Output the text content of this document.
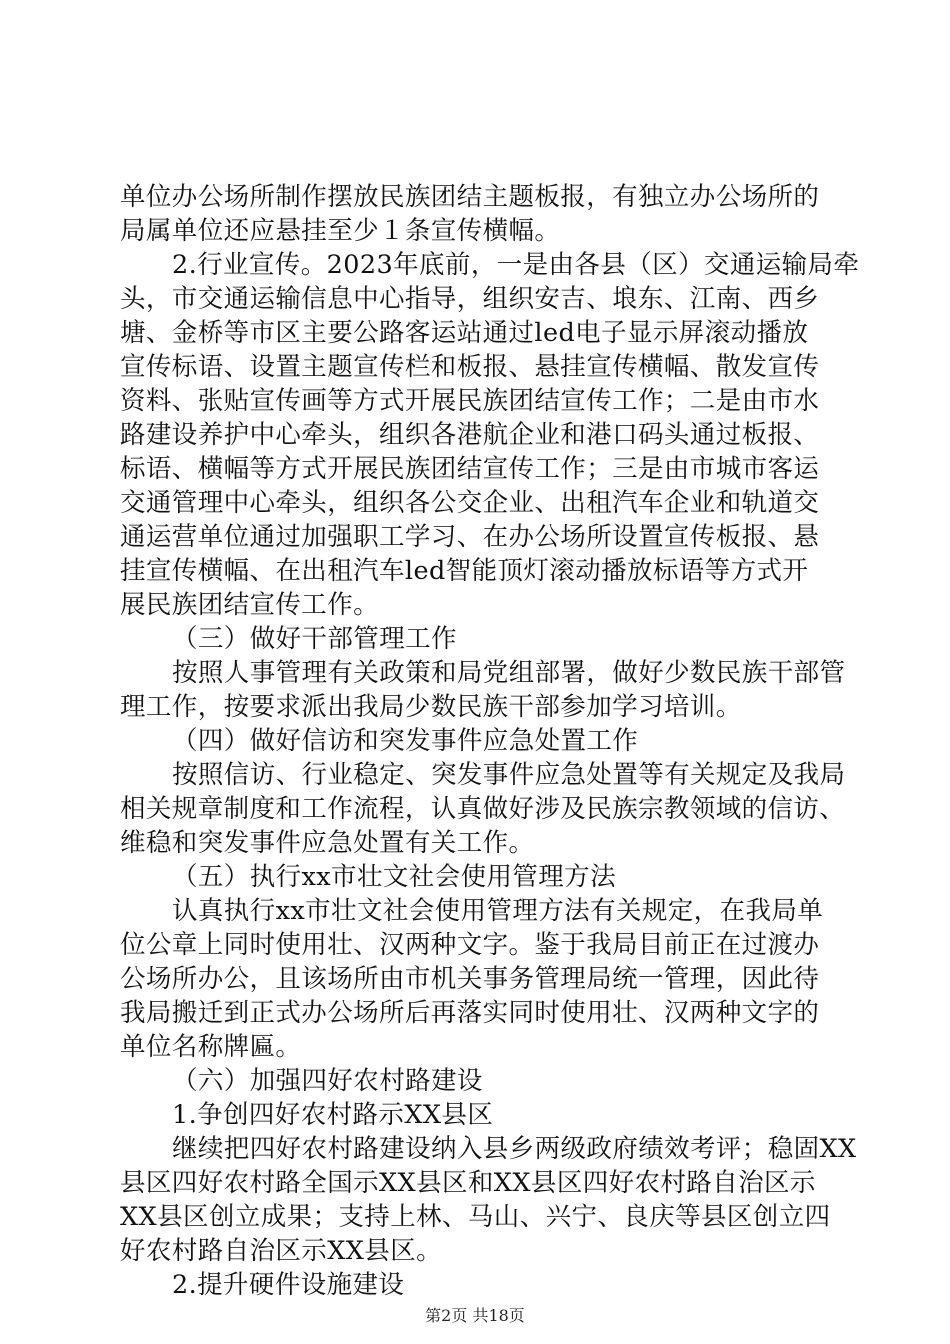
单位办公场所制作摆放民族团结主题板报，有独立办公场所的
局属单位还应悬挂至少１条宣传横幅。
2.行业宣传。2023年底前，一是由各县（区）交通运输局牵
头，市交通运输信息中心指导，组织安吉、埌东、江南、西乡
塘、金桥等市区主要公路客运站通过led电子显示屏滚动播放
宣传标语、设置主题宣传栏和板报、悬挂宣传横幅、散发宣传
资料、张贴宣传画等方式开展民族团结宣传工作；二是由市水
路建设养护中心牵头，组织各港航企业和港口码头通过板报、
标语、横幅等方式开展民族团结宣传工作；三是由市城市客运
交通管理中心牵头，组织各公交企业、出租汽车企业和轨道交
通运营单位通过加强职工学习、在办公场所设置宣传板报、悬
挂宣传横幅、在出租汽车led智能顶灯滚动播放标语等方式开
展民族团结宣传工作。
（三）做好干部管理工作
按照人事管理有关政策和局党组部署，做好少数民族干部管
理工作，按要求派出我局少数民族干部参加学习培训。
（四）做好信访和突发事件应急处置工作
按照信访、行业稳定、突发事件应急处置等有关规定及我局
相关规章制度和工作流程，认真做好涉及民族宗教领域的信访、
维稳和突发事件应急处置有关工作。
（五）执行xx市壮文社会使用管理方法
认真执行xx市壮文社会使用管理方法有关规定，在我局单
位公章上同时使用壮、汉两种文字。鉴于我局目前正在过渡办
公场所办公，且该场所由市机关事务管理局统一管理，因此待
我局搬迁到正式办公场所后再落实同时使用壮、汉两种文字的
单位名称牌匾。
（六）加强四好农村路建设
1.争创四好农村路示XX县区
继续把四好农村路建设纳入县乡两级政府绩效考评；稳固XX
县区四好农村路全国示XX县区和XX县区四好农村路自治区示
XX县区创立成果；支持上林、马山、兴宁、良庆等县区创立四
好农村路自治区示XX县区。
2.提升硬件设施建设
第2页 共18页
